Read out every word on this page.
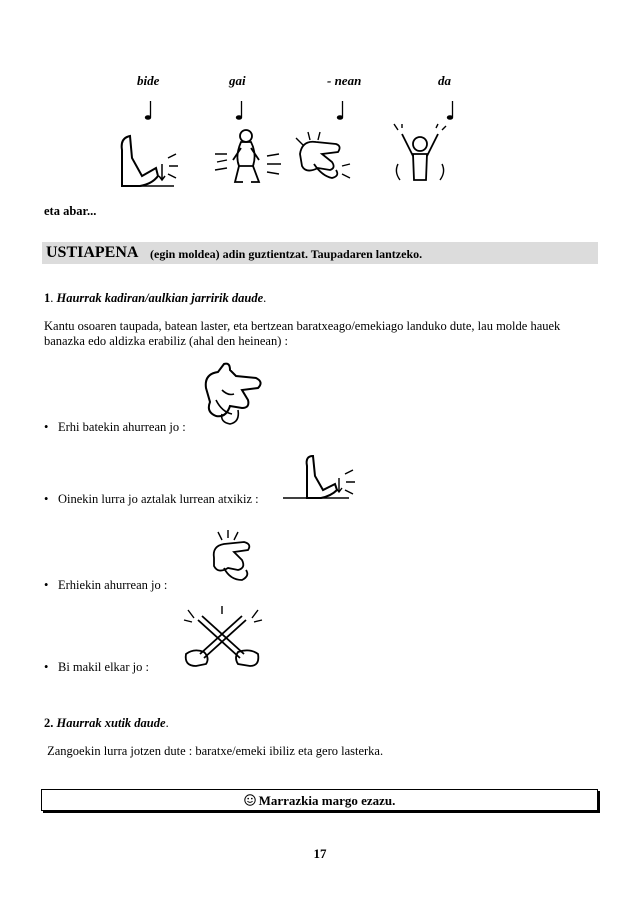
bide	gai	- nean	da
eta abar...
USTIAPENA (egin moldea) adin guztientzat. Taupadaren lantzeko.
1. Haurrak kadiran/aulkian jarririk daude.
Kantu osoaren taupada, batean laster, eta bertzean baratxeago/emekiago landuko dute, lau molde hauek banazka edo aldizka erabiliz (ahal den heinean) :
• Erhi batekin ahurrean jo :
• Oinekin lurra jo aztalak lurrean atxikiz :
• Erhiekin ahurrean jo :
• Bi makil elkar jo :
2. Haurrak xutik daude.
Zangoekin lurra jotzen dute : baratxe/emeki ibiliz eta gero lasterka.
Marrazkia margo ezazu.
17
